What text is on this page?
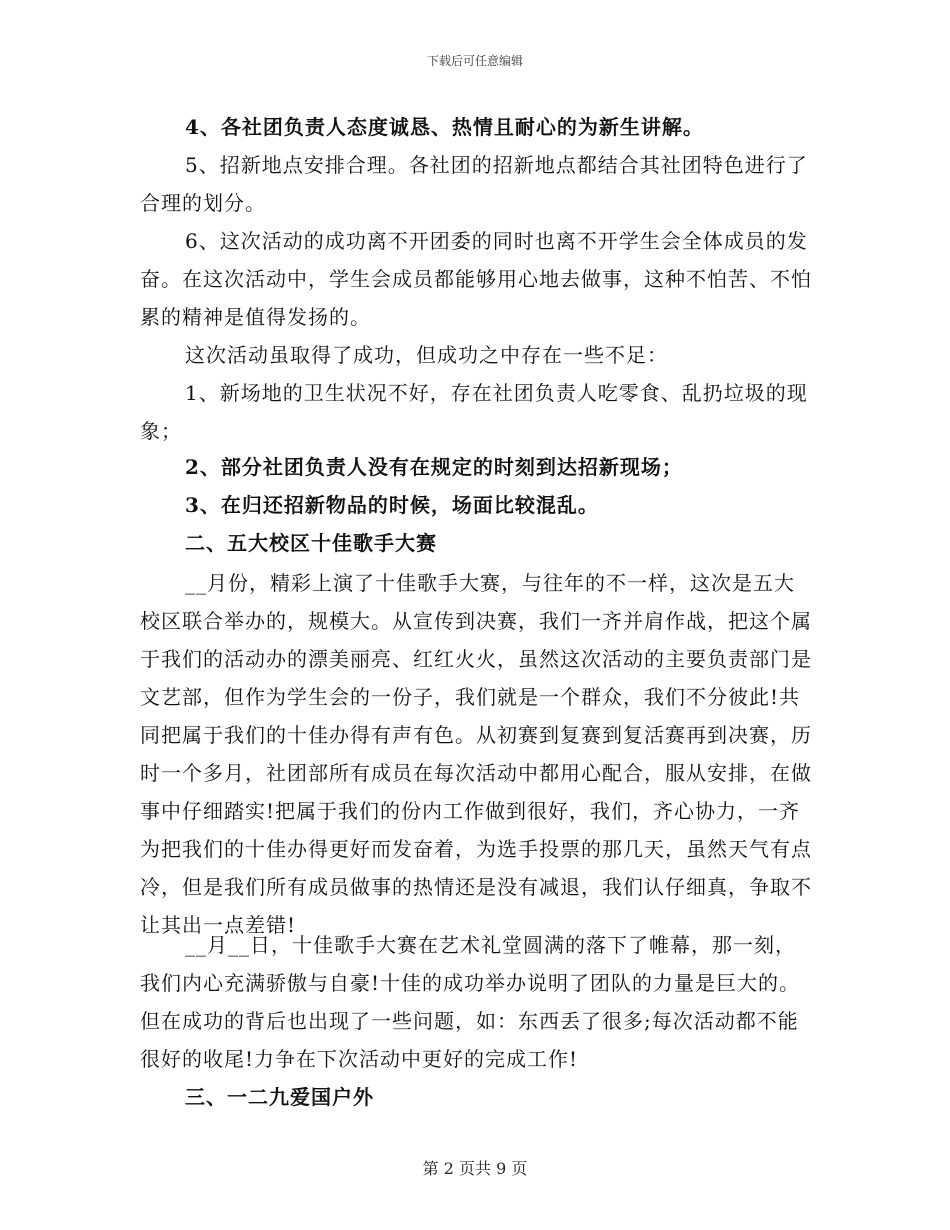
下载后可任意编辑

4、各社团负责人态度诚恳、热情且耐心的为新生讲解。

5、招新地点安排合理。各社团的招新地点都结合其社团特色进行了合理的划分。

6、这次活动的成功离不开团委的同时也离不开学生会全体成员的发奋。在这次活动中，学生会成员都能够用心地去做事，这种不怕苦、不怕累的精神是值得发扬的。

这次活动虽取得了成功，但成功之中存在一些不足：

1、新场地的卫生状况不好，存在社团负责人吃零食、乱扔垃圾的现象；

2、部分社团负责人没有在规定的时刻到达招新现场；

3、在归还招新物品的时候，场面比较混乱。

二、五大校区十佳歌手大赛

__月份，精彩上演了十佳歌手大赛，与往年的不一样，这次是五大校区联合举办的，规模大。从宣传到决赛，我们一齐并肩作战，把这个属于我们的活动办的漂美丽亮、红红火火，虽然这次活动的主要负责部门是文艺部，但作为学生会的一份子，我们就是一个群众，我们不分彼此!共同把属于我们的十佳办得有声有色。从初赛到复赛到复活赛再到决赛，历时一个多月，社团部所有成员在每次活动中都用心配合，服从安排，在做事中仔细踏实!把属于我们的份内工作做到很好，我们，齐心协力，一齐为把我们的十佳办得更好而发奋着，为选手投票的那几天，虽然天气有点冷，但是我们所有成员做事的热情还是没有减退，我们认仔细真，争取不让其出一点差错!

__月__日，十佳歌手大赛在艺术礼堂圆满的落下了帷幕，那一刻，我们内心充满骄傲与自豪!十佳的成功举办说明了团队的力量是巨大的。但在成功的背后也出现了一些问题，如：东西丢了很多;每次活动都不能很好的收尾!力争在下次活动中更好的完成工作!

三、一二九爱国户外

第 2 页共 9 页
